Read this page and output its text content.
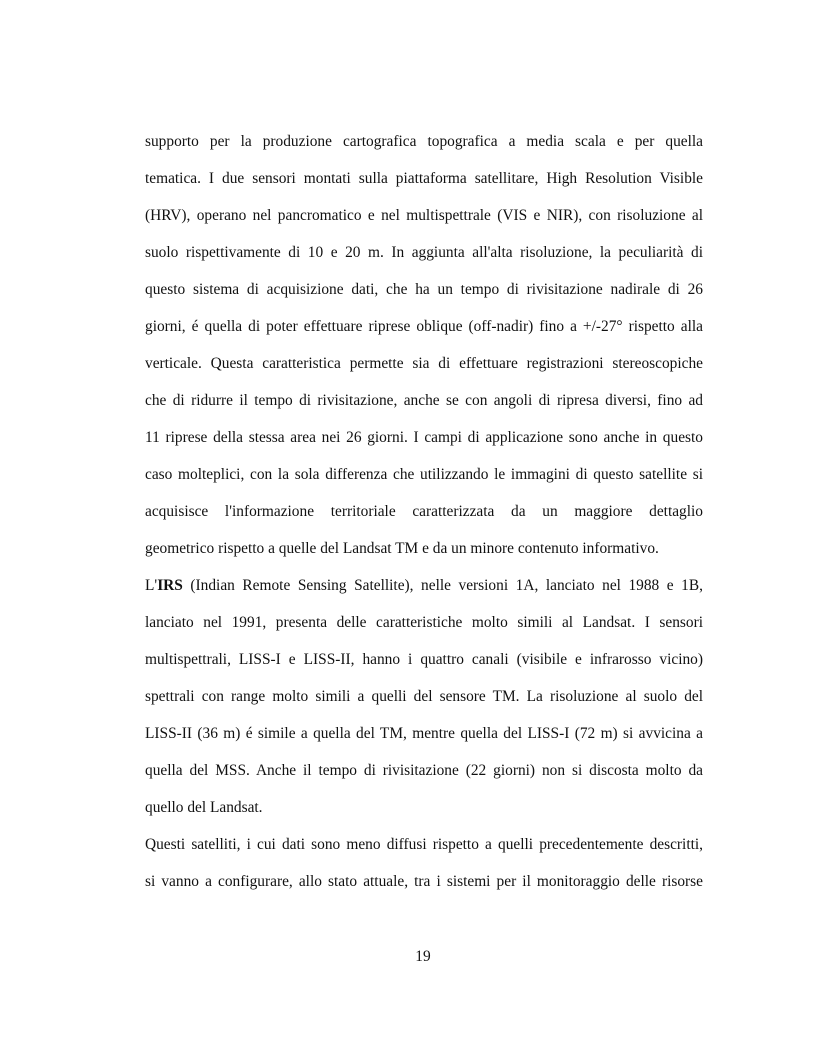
supporto per la produzione cartografica topografica a media scala e per quella
tematica. I due sensori montati sulla piattaforma satellitare, High Resolution Visible
(HRV), operano nel pancromatico e nel multispettrale (VIS e NIR), con risoluzione al
suolo rispettivamente di 10 e 20 m. In aggiunta all'alta risoluzione, la peculiarità di
questo sistema di acquisizione dati, che ha un tempo di rivisitazione nadirale di 26
giorni, é quella di poter effettuare riprese oblique (off-nadir) fino a +/-27° rispetto alla
verticale. Questa caratteristica permette sia di effettuare registrazioni stereoscopiche
che di ridurre il tempo di rivisitazione, anche se con angoli di ripresa diversi, fino ad
11 riprese della stessa area nei 26 giorni. I campi di applicazione sono anche in questo
caso molteplici, con la sola differenza che utilizzando le immagini di questo satellite si
acquisisce l'informazione territoriale caratterizzata da un maggiore dettaglio
geometrico rispetto a quelle del Landsat TM e da un minore contenuto informativo.
L'IRS (Indian Remote Sensing Satellite), nelle versioni 1A, lanciato nel 1988 e 1B,
lanciato nel 1991, presenta delle caratteristiche molto simili al Landsat. I sensori
multispettrali, LISS-I e LISS-II, hanno i quattro canali (visibile e infrarosso vicino)
spettrali con range molto simili a quelli del sensore TM. La risoluzione al suolo del
LISS-II (36 m) é simile a quella del TM, mentre quella del LISS-I (72 m) si avvicina a
quella del MSS. Anche il tempo di rivisitazione (22 giorni) non si discosta molto da
quello del Landsat.
Questi satelliti, i cui dati sono meno diffusi rispetto a quelli precedentemente descritti,
si vanno a configurare, allo stato attuale, tra i sistemi per il monitoraggio delle risorse
19
